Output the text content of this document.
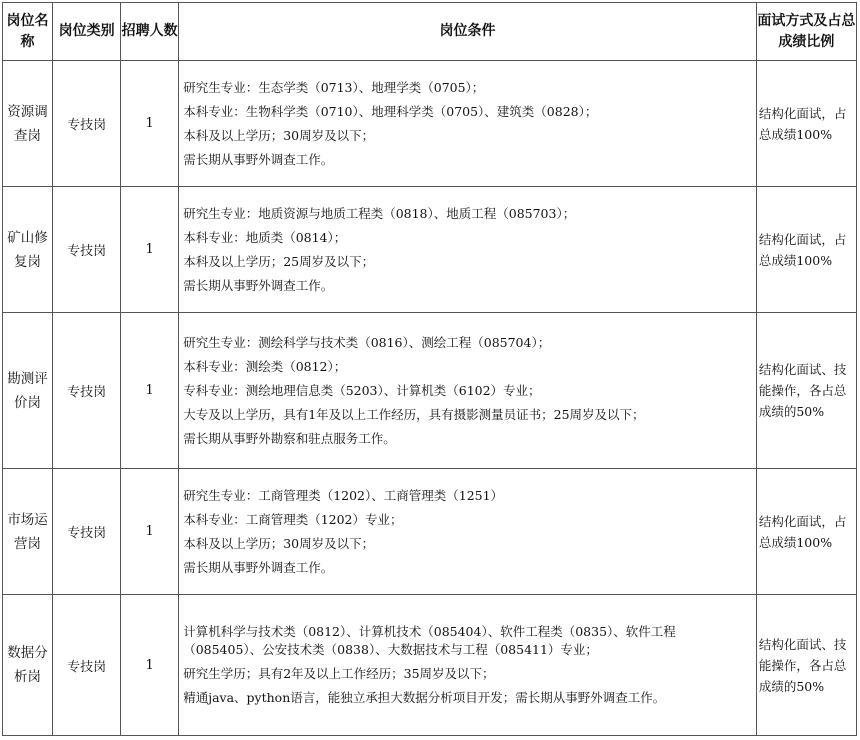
岗位名称	岗位类别	招聘人数	岗位条件	面试方式及占总成绩比例
资源调查岗	专技岗	1	研究生专业：生态学类（0713）、地理学类（0705）；
本科专业：生物科学类（0710）、地理科学类（0705）、建筑类（0828）；
本科及以上学历；30周岁及以下；
需长期从事野外调查工作。	结构化面试，占总成绩100%
矿山修复岗	专技岗	1	研究生专业：地质资源与地质工程类（0818）、地质工程（085703）；
本科专业：地质类（0814）；
本科及以上学历；25周岁及以下；
需长期从事野外调查工作。	结构化面试，占总成绩100%
勘测评价岗	专技岗	1	研究生专业：测绘科学与技术类（0816）、测绘工程（085704）；
本科专业：测绘类（0812）；
专科专业：测绘地理信息类（5203）、计算机类（6102）专业；
大专及以上学历，具有1年及以上工作经历，具有摄影测量员证书；25周岁及以下；
需长期从事野外勘察和驻点服务工作。	结构化面试、技能操作，各占总成绩的50%
市场运营岗	专技岗	1	研究生专业：工商管理类（1202）、工商管理类（1251）
本科专业：工商管理类（1202）专业；
本科及以上学历；30周岁及以下；
需长期从事野外调查工作。	结构化面试，占总成绩100%
数据分析岗	专技岗	1	计算机科学与技术类（0812）、计算机技术（085404）、软件工程类（0835）、软件工程（085405）、公安技术类（0838）、大数据技术与工程（085411）专业；
研究生学历；具有2年及以上工作经历；35周岁及以下；
精通java、python语言，能独立承担大数据分析项目开发；需长期从事野外调查工作。	结构化面试、技能操作，各占总成绩的50%
